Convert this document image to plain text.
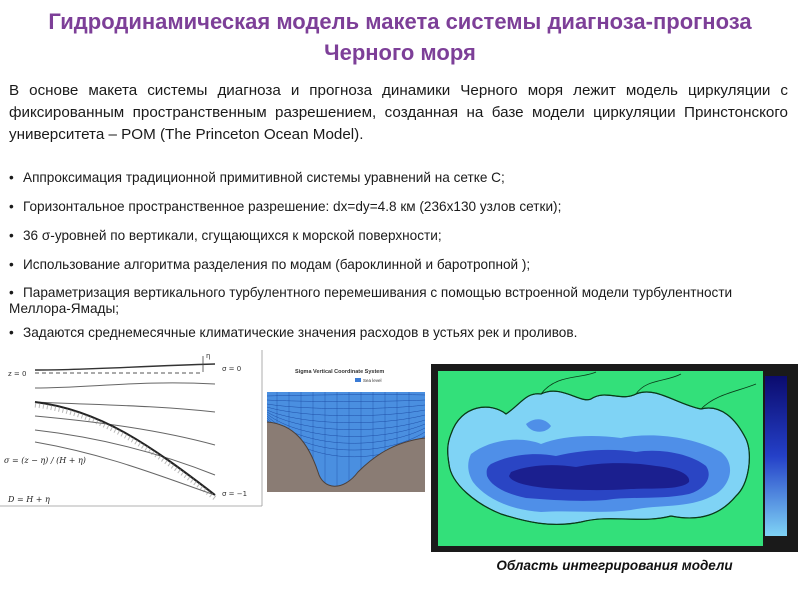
Гидродинамическая модель макета системы диагноза-прогноза Черного моря
В основе макета системы диагноза и прогноза динамики Черного моря лежит модель циркуляции с фиксированным пространственным разрешением, созданная на базе модели циркуляции Принстонского университета – POM (The Princeton Ocean Model).
• Аппроксимация традиционной примитивной системы уравнений на сетке С;
• Горизонтальное пространственное разрешение: dx=dy=4.8 км (236x130 узлов сетки);
• 36 σ-уровней по вертикали, сгущающихся к морской поверхности;
• Использование алгоритма разделения по модам (бароклинной и баротропной );
• Параметризация вертикального турбулентного перемешивания с помощью встроенной модели турбулентности Меллора-Ямады;
• Задаются среднемесячные климатические значения расходов в устьях рек и проливов.
η
z = 0
σ = 0
σ = −1
σ = (z − η) / (H + η)
D = H + η
Sigma Vertical Coordinate System
Sea level
Область интегрирования модели
